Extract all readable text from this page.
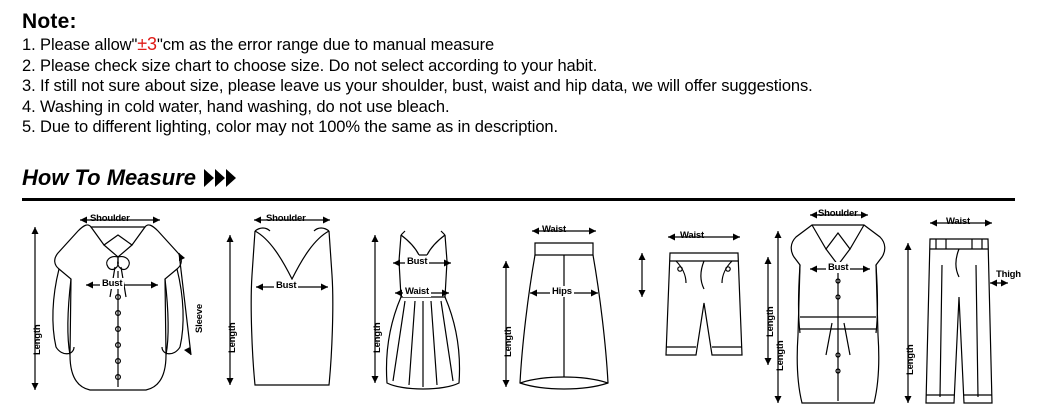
Note:
1. Please allow"±3"cm as the error range due to manual measure
2. Please check size chart to choose size. Do not select according to your habit.
3. If still not sure about size, please leave us your shoulder, bust, waist and hip data, we will offer suggestions.
4. Washing in cold water, hand washing, do not use bleach.
5. Due to different lighting, color may not 100% the same as in description.
How To Measure
Length
Shoulder
Bust
Sleeve
Length
Shoulder
Bust
Length
Bust
Waist
Length
Waist
Hips
Waist
Length
Length
Shoulder
Bust
Length
Waist
Thigh
